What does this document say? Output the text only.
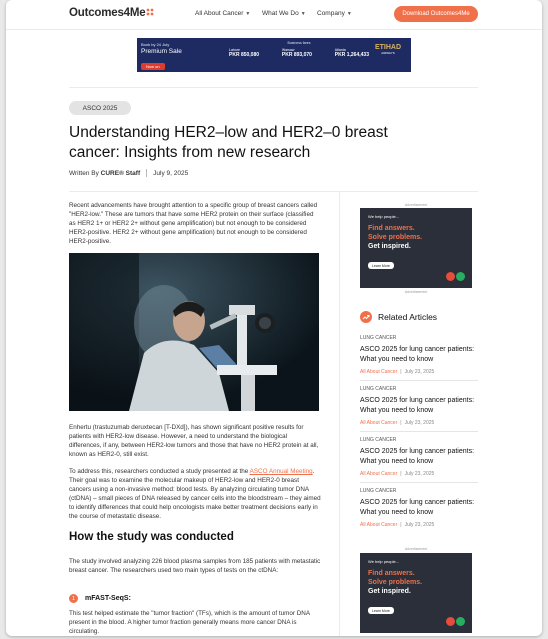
Outcomes4Me	All About Cancer ▼ What We Do ▼ Company ▼	Download Outcomes4Me
Book by 24 July
Premium Sale
Now on
Business fares
Lahore
PKR 850,080
Warsaw
PKR 893,070
Atlanta
PKR 1,264,433
ETIHAD
AIRWAYS
ASCO 2025
Understanding HER2–low and HER2–0 breast cancer: Insights from new research
Written By CURE® Staff July 9, 2025

Recent advancements have brought attention to a specific group of breast cancers called "HER2-low." These are tumors that have some HER2 protein on their surface (classified as HER2 1+ or HER2 2+ without gene amplification) but not enough to be considered HER2-positive. HER2 2+ without gene amplification) but not enough to be considered HER2-positive.

Enhertu (trastuzumab deruxtecan [T-DXd]), has shown significant positive results for patients with HER2-low disease. However, a need to understand the biological differences, if any, between HER2-low tumors and those that have no HER2 protein at all, known as HER2-0, still exist.

To address this, researchers conducted a study presented at the ASCO Annual Meeting. Their goal was to examine the molecular makeup of HER2-low and HER2-0 breast cancers using a non-invasive method: blood tests. By analyzing circulating tumor DNA (ctDNA) – small pieces of DNA released by cancer cells into the bloodstream – they aimed to identify differences that could help oncologists make better treatment decisions early in the course of metastatic disease.

How the study was conducted

The study involved analyzing 226 blood plasma samples from 185 patients with metastatic breast cancer. The researchers used two main types of tests on the ctDNA:

1	mFAST-SeqS:

This test helped estimate the "tumor fraction" (TFs), which is the amount of tumor DNA present in the blood. A higher tumor fraction generally means more cancer DNA is circulating.

Advertisement
We help people...
Find answers.
Solve problems.
Get inspired.
Learn More
Advertisement
Related Articles
LUNG CANCER
ASCO 2025 for lung cancer patients: What you need to know
All About Cancer | July 23, 2025
LUNG CANCER
ASCO 2025 for lung cancer patients: What you need to know
All About Cancer | July 23, 2025
LUNG CANCER
ASCO 2025 for lung cancer patients: What you need to know
All About Cancer | July 23, 2025
LUNG CANCER
ASCO 2025 for lung cancer patients: What you need to know
All About Cancer | July 23, 2025
Advertisement
We help people...
Find answers.
Solve problems.
Get inspired.
Learn More
